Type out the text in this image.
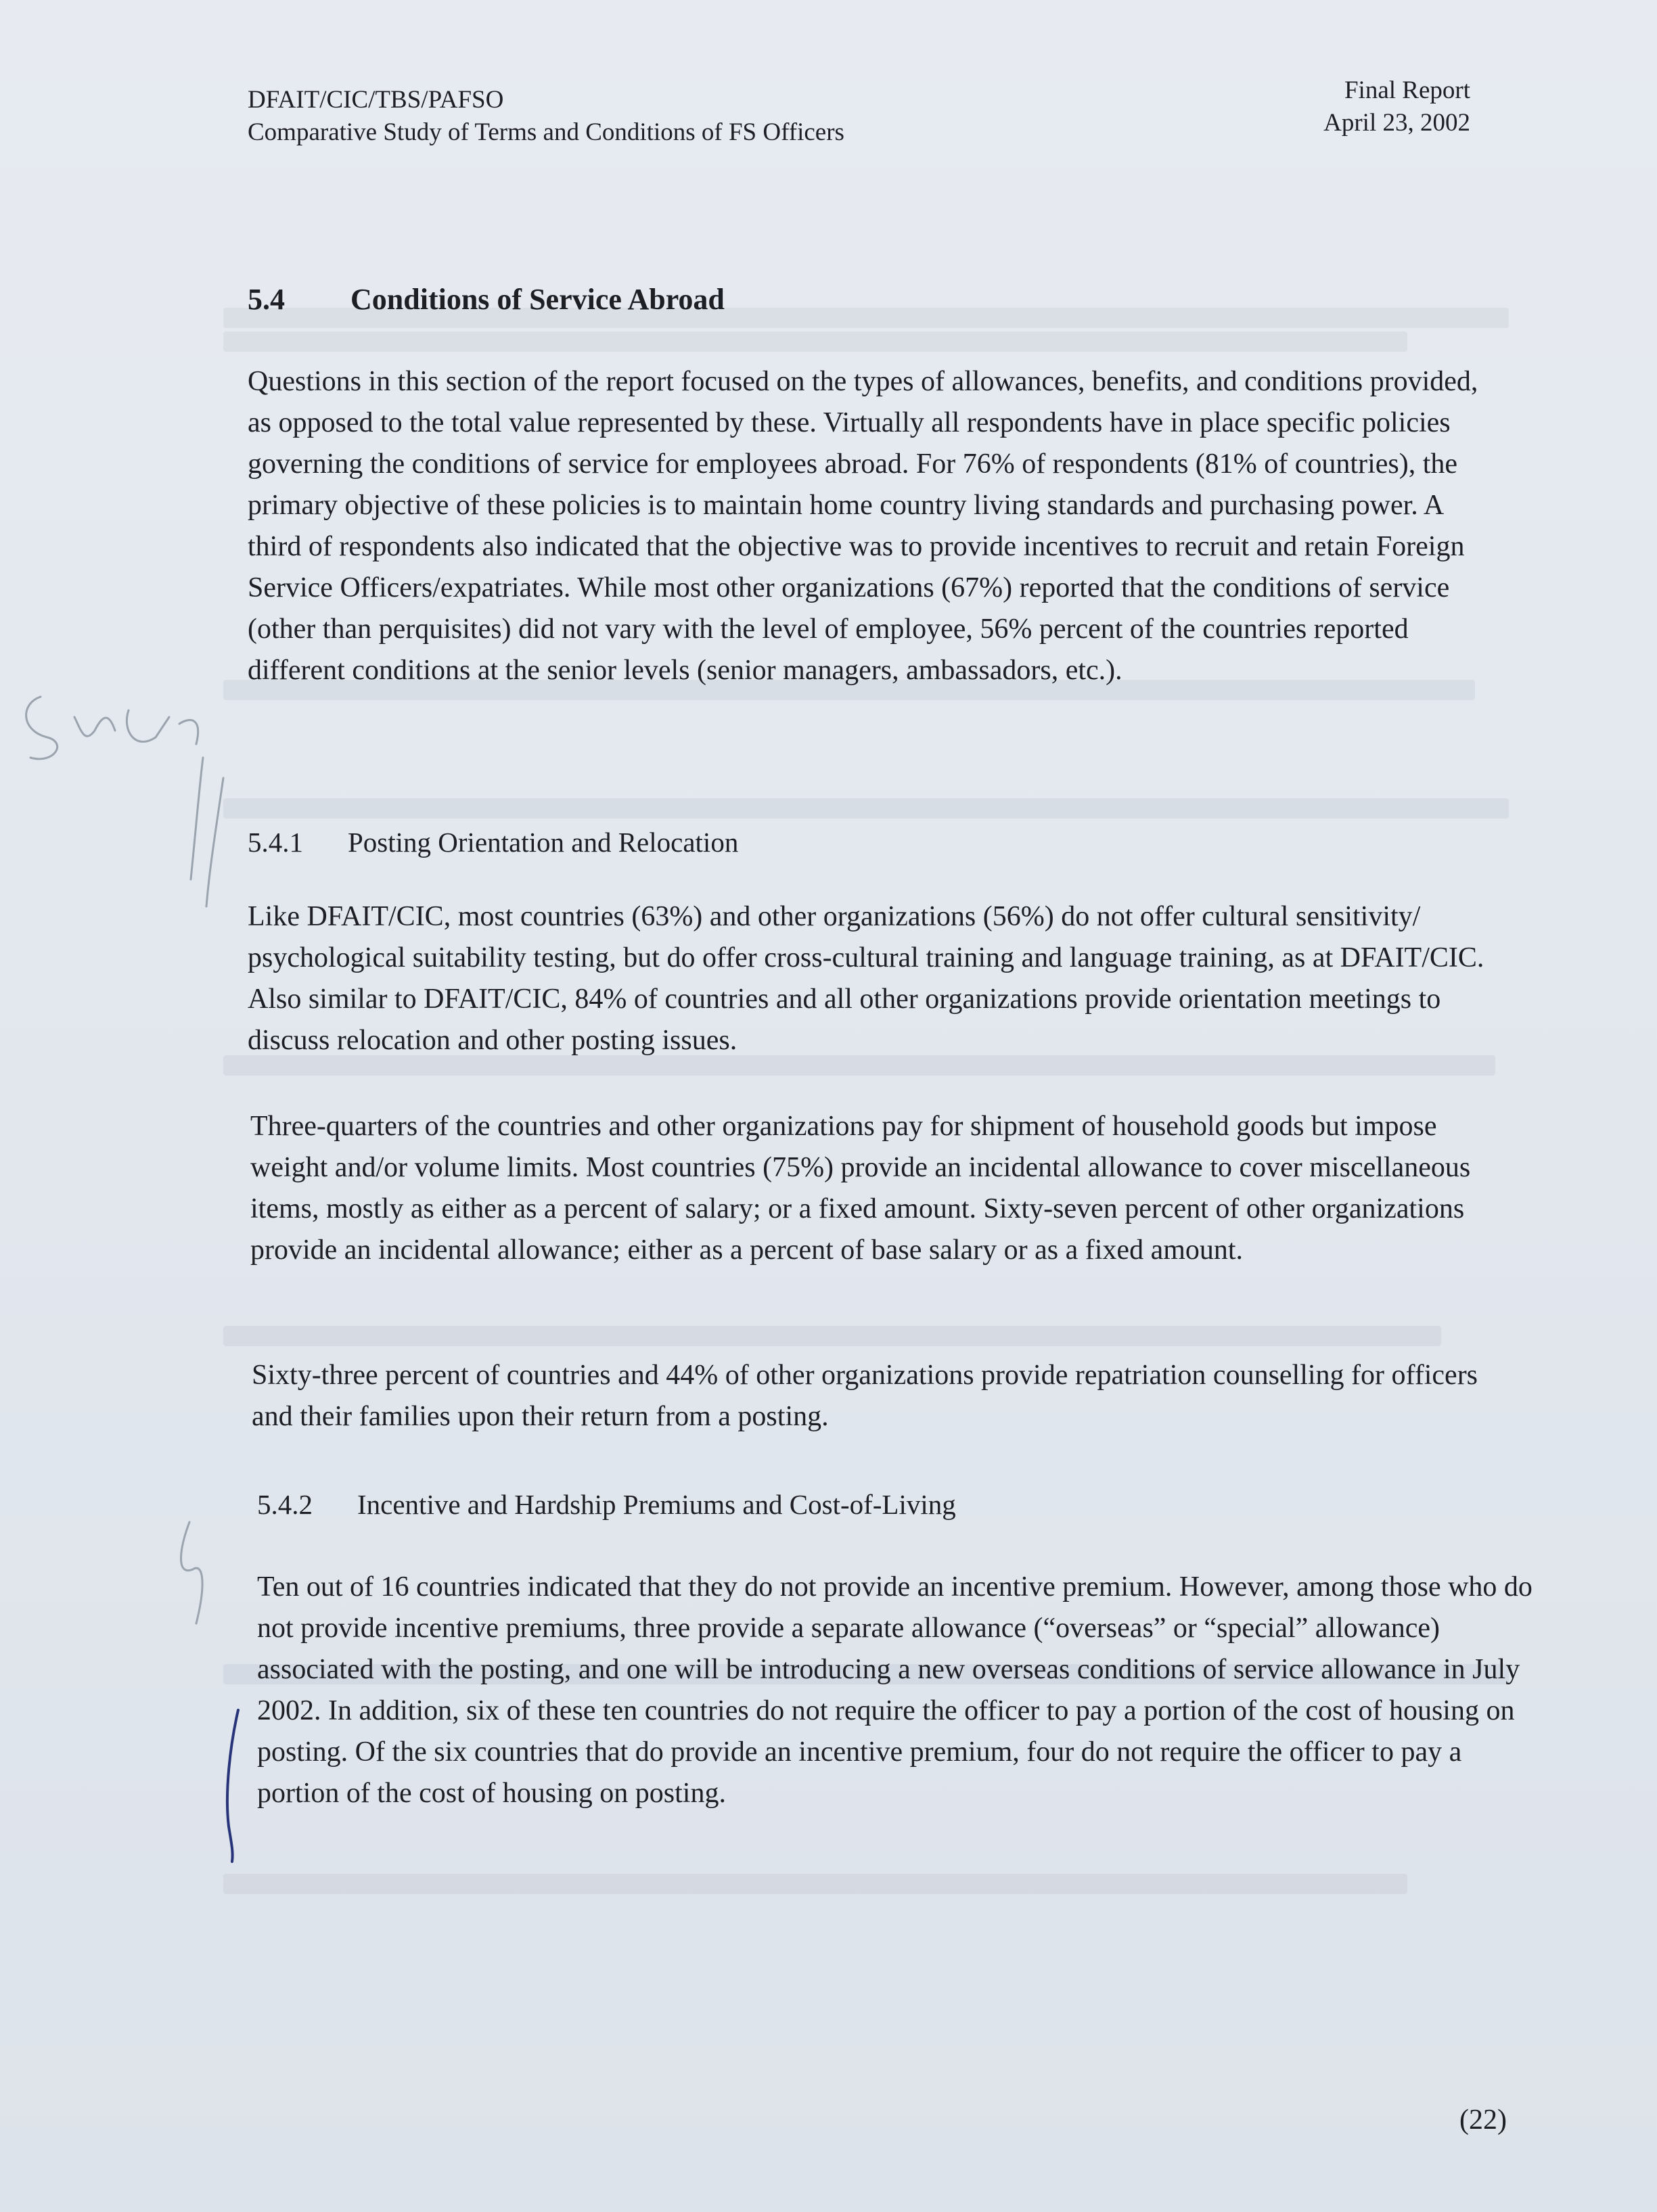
DFAIT/CIC/TBS/PAFSO
Comparative Study of Terms and Conditions of FS Officers
Final Report
April 23, 2002
5.4 Conditions of Service Abroad

Questions in this section of the report focused on the types of allowances, benefits, and conditions provided, as opposed to the total value represented by these. Virtually all respondents have in place specific policies governing the conditions of service for employees abroad. For 76% of respondents (81% of countries), the primary objective of these policies is to maintain home country living standards and purchasing power. A third of respondents also indicated that the objective was to provide incentives to recruit and retain Foreign Service Officers/expatriates. While most other organizations (67%) reported that the conditions of service (other than perquisites) did not vary with the level of employee, 56% percent of the countries reported different conditions at the senior levels (senior managers, ambassadors, etc.).

5.4.1 Posting Orientation and Relocation

Like DFAIT/CIC, most countries (63%) and other organizations (56%) do not offer cultural sensitivity/ psychological suitability testing, but do offer cross-cultural training and language training, as at DFAIT/CIC. Also similar to DFAIT/CIC, 84% of countries and all other organizations provide orientation meetings to discuss relocation and other posting issues.

Three-quarters of the countries and other organizations pay for shipment of household goods but impose weight and/or volume limits. Most countries (75%) provide an incidental allowance to cover miscellaneous items, mostly as either as a percent of salary; or a fixed amount. Sixty-seven percent of other organizations provide an incidental allowance; either as a percent of base salary or as a fixed amount.

Sixty-three percent of countries and 44% of other organizations provide repatriation counselling for officers and their families upon their return from a posting.

5.4.2 Incentive and Hardship Premiums and Cost-of-Living

Ten out of 16 countries indicated that they do not provide an incentive premium. However, among those who do not provide incentive premiums, three provide a separate allowance (“overseas” or “special” allowance) associated with the posting, and one will be introducing a new overseas conditions of service allowance in July 2002. In addition, six of these ten countries do not require the officer to pay a portion of the cost of housing on posting. Of the six countries that do provide an incentive premium, four do not require the officer to pay a portion of the cost of housing on posting.

(22)
